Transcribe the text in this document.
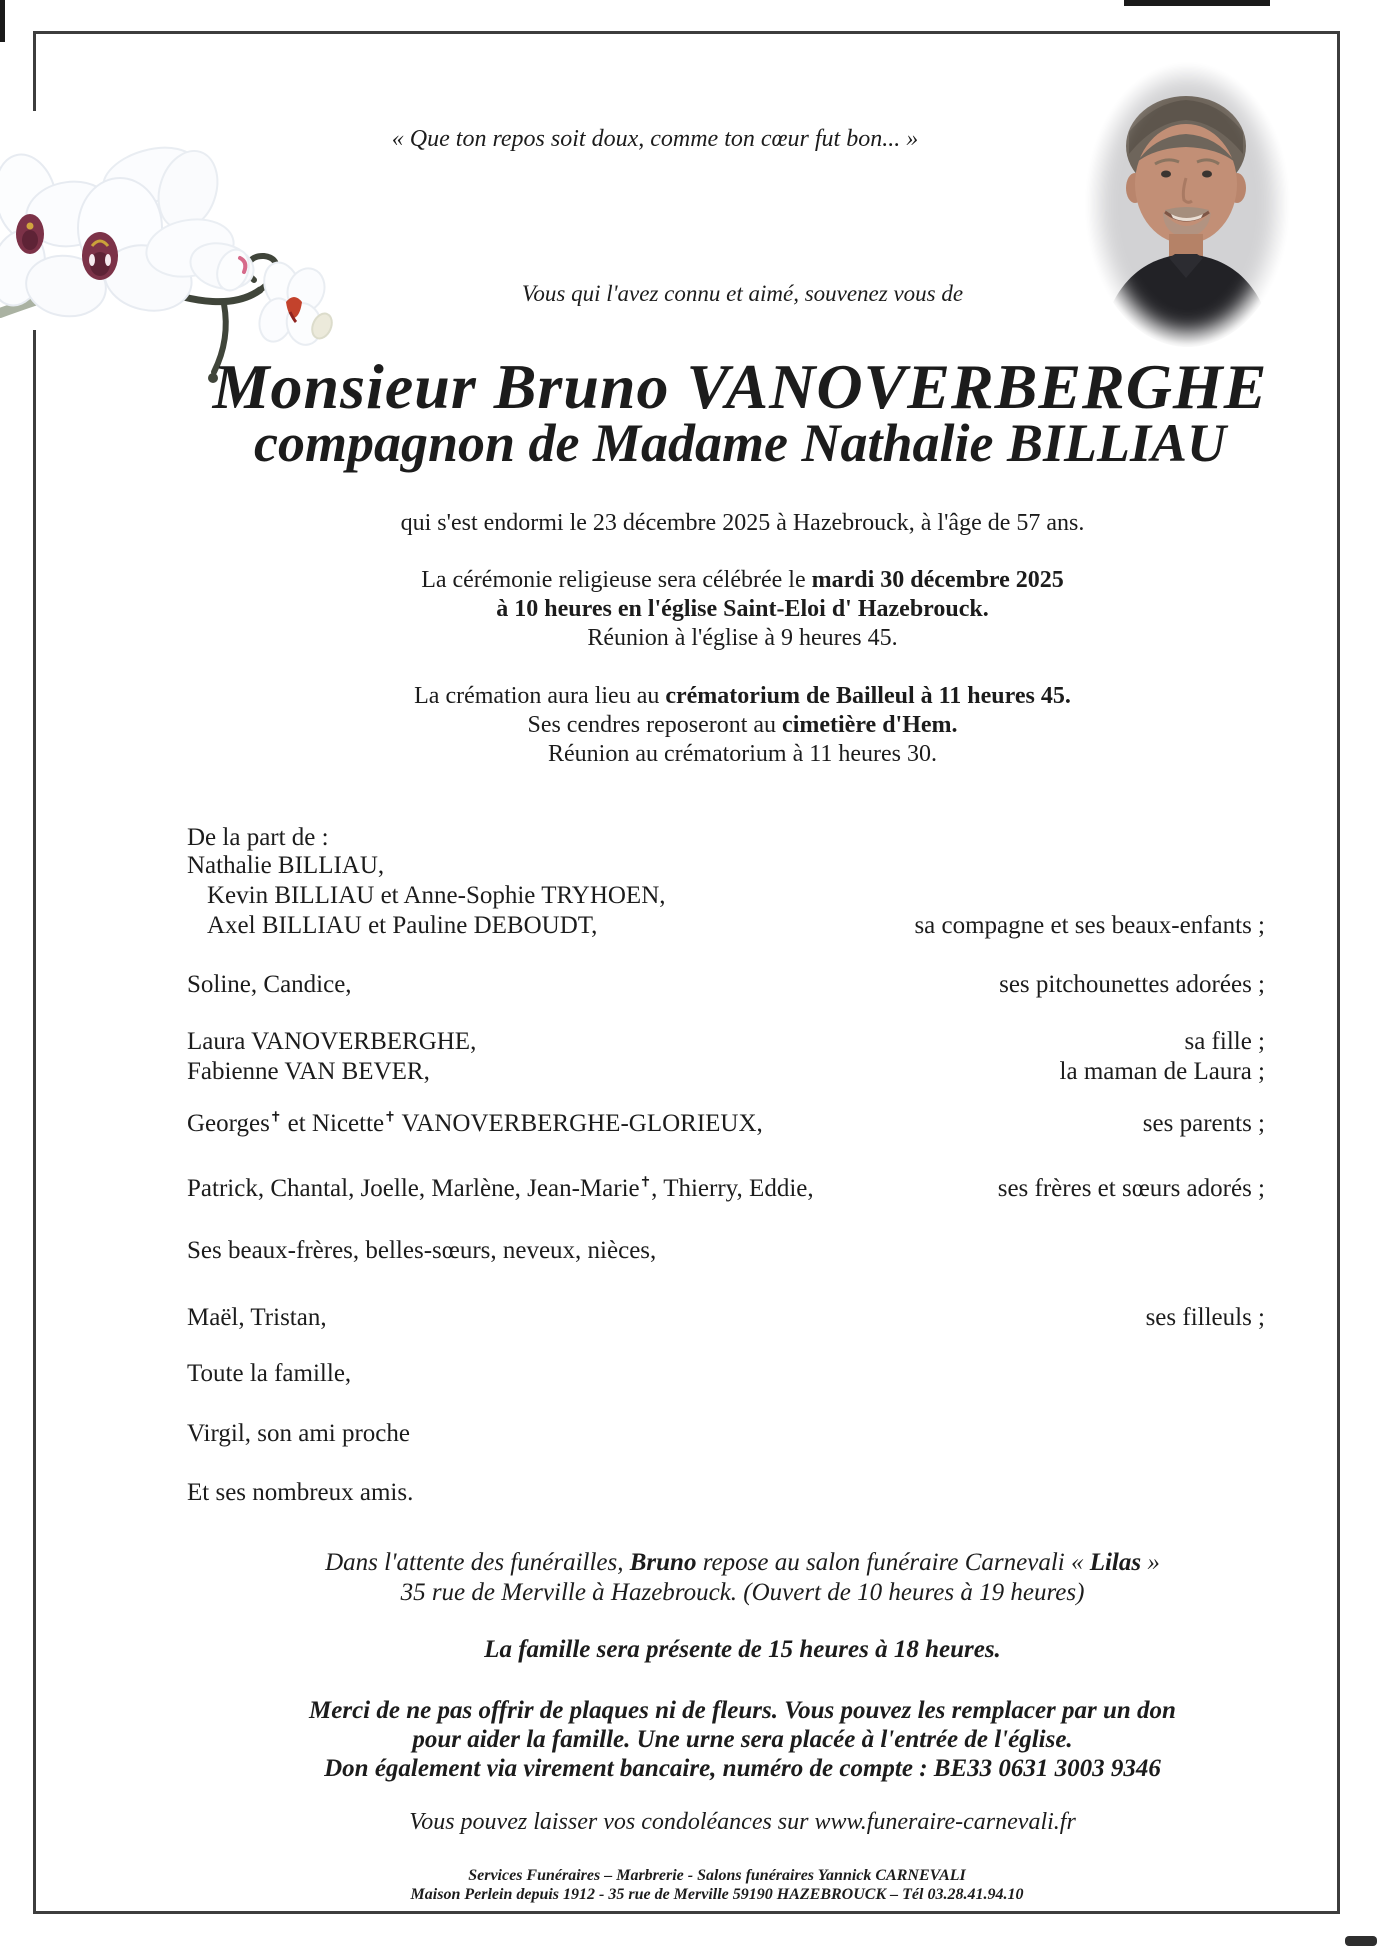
« Que ton repos soit doux, comme ton cœur fut bon... »
Vous qui l'avez connu et aimé, souvenez vous de
Monsieur Bruno VANOVERBERGHE
compagnon de Madame Nathalie BILLIAU
qui s'est endormi le 23 décembre 2025 à Hazebrouck, à l'âge de 57 ans.
La cérémonie religieuse sera célébrée le mardi 30 décembre 2025
à 10 heures en l'église Saint-Eloi d' Hazebrouck.
Réunion à l'église à 9 heures 45.
La crémation aura lieu au crématorium de Bailleul à 11 heures 45.
Ses cendres reposeront au cimetière d'Hem.
Réunion au crématorium à 11 heures 30.
De la part de :
Nathalie BILLIAU,
Kevin BILLIAU et Anne-Sophie TRYHOEN,
Axel BILLIAU et Pauline DEBOUDT,	sa compagne et ses beaux-enfants ;
Soline, Candice,	ses pitchounettes adorées ;
Laura VANOVERBERGHE,	sa fille ;
Fabienne VAN BEVER,	la maman de Laura ;
Georges✝ et Nicette✝ VANOVERBERGHE-GLORIEUX,	ses parents ;
Patrick, Chantal, Joelle, Marlène, Jean-Marie✝, Thierry, Eddie,	ses frères et sœurs adorés ;
Ses beaux-frères, belles-sœurs, neveux, nièces,
Maël, Tristan,	ses filleuls ;
Toute la famille,
Virgil, son ami proche
Et ses nombreux amis.
Dans l'attente des funérailles, Bruno repose au salon funéraire Carnevali « Lilas »
35 rue de Merville à Hazebrouck. (Ouvert de 10 heures à 19 heures)
La famille sera présente de 15 heures à 18 heures.
Merci de ne pas offrir de plaques ni de fleurs. Vous pouvez les remplacer par un don
pour aider la famille. Une urne sera placée à l'entrée de l'église.
Don également via virement bancaire, numéro de compte : BE33 0631 3003 9346
Vous pouvez laisser vos condoléances sur www.funeraire-carnevali.fr
Services Funéraires – Marbrerie - Salons funéraires Yannick CARNEVALI
Maison Perlein depuis 1912 - 35 rue de Merville 59190 HAZEBROUCK – Tél 03.28.41.94.10
